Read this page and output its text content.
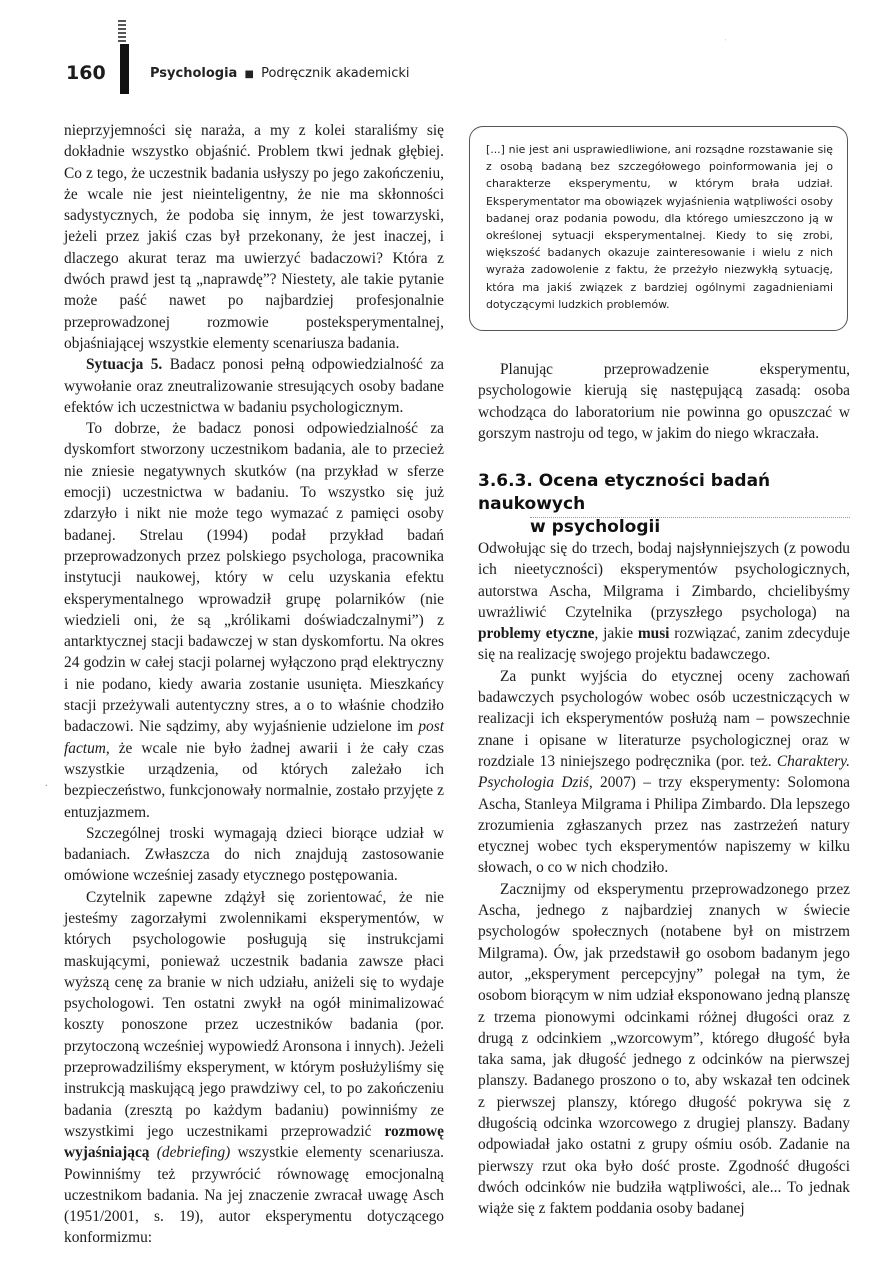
160	Psychologia ■ Podręcznik akademicki
ˈ

nieprzyjemności się naraża, a my z kolei staraliśmy się dokładnie wszystko objaśnić. Problem tkwi jednak głębiej. Co z tego, że uczestnik badania usłyszy po jego zakończeniu, że wcale nie jest nieinteligentny, że nie ma skłonności sadystycznych, że podoba się innym, że jest towarzyski, jeżeli przez jakiś czas był przekonany, że jest inaczej, i dlaczego akurat teraz ma uwierzyć badaczowi? Która z dwóch prawd jest tą „naprawdę”? Niestety, ale takie pytanie może paść nawet po najbardziej profesjonalnie przeprowadzonej rozmowie posteksperymentalnej, objaśniającej wszystkie elementy scenariusza badania.

Sytuacja 5. Badacz ponosi pełną odpowiedzialność za wywołanie oraz zneutralizowanie stresujących osoby badane efektów ich uczestnictwa w badaniu psychologicznym.

To dobrze, że badacz ponosi odpowiedzialność za dyskomfort stworzony uczestnikom badania, ale to przecież nie zniesie negatywnych skutków (na przykład w sferze emocji) uczestnictwa w badaniu. To wszystko się już zdarzyło i nikt nie może tego wymazać z pamięci osoby badanej. Strelau (1994) podał przykład badań przeprowadzonych przez polskiego psychologa, pracownika instytucji naukowej, który w celu uzyskania efektu eksperymentalnego wprowadził grupę polarników (nie wiedzieli oni, że są „królikami doświadczalnymi”) z antarktycznej stacji badawczej w stan dyskomfortu. Na okres 24 godzin w całej stacji polarnej wyłączono prąd elektryczny i nie podano, kiedy awaria zostanie usunięta. Mieszkańcy stacji przeżywali autentyczny stres, a o to właśnie chodziło badaczowi. Nie sądzimy, aby wyjaśnienie udzielone im post factum, że wcale nie było żadnej awarii i że cały czas wszystkie urządzenia, od których zależało ich bezpieczeństwo, funkcjonowały normalnie, zostało przyjęte z entuzjazmem.

Szczególnej troski wymagają dzieci biorące udział w badaniach. Zwłaszcza do nich znajdują zastosowanie omówione wcześniej zasady etycznego postępowania.

Czytelnik zapewne zdążył się zorientować, że nie jesteśmy zagorzałymi zwolennikami eksperymentów, w których psychologowie posługują się instrukcjami maskującymi, ponieważ uczestnik badania zawsze płaci wyższą cenę za branie w nich udziału, aniżeli się to wydaje psychologowi. Ten ostatni zwykł na ogół minimalizować koszty ponoszone przez uczestników badania (por. przytoczoną wcześniej wypowiedź Aronsona i innych). Jeżeli przeprowadziliśmy eksperyment, w którym posłużyliśmy się instrukcją maskującą jego prawdziwy cel, to po zakończeniu badania (zresztą po każdym badaniu) powinniśmy ze wszystkimi jego uczestnikami przeprowadzić rozmowę wyjaśniającą (debriefing) wszystkie elementy scenariusza. Powinniśmy też przywrócić równowagę emocjonalną uczestnikom badania. Na jej znaczenie zwracał uwagę Asch (1951/2001, s. 19), autor eksperymentu dotyczącego konformizmu:

.
[...] nie jest ani usprawiedliwione, ani rozsądne rozstawanie się z osobą badaną bez szczegółowego poinformowania jej o charakterze eksperymentu, w którym brała udział. Eksperymentator ma obowiązek wyjaśnienia wątpliwości osoby badanej oraz podania powodu, dla którego umieszczono ją w określonej sytuacji eksperymentalnej. Kiedy to się zrobi, większość badanych okazuje zainteresowanie i wielu z nich wyraża zadowolenie z faktu, że przeżyło niezwykłą sytuację, która ma jakiś związek z bardziej ogólnymi zagadnieniami dotyczącymi ludzkich problemów.

Planując przeprowadzenie eksperymentu, psychologowie kierują się następującą zasadą: osoba wchodząca do laboratorium nie powinna go opuszczać w gorszym nastroju od tego, w jakim do niego wkraczała.

3.6.3. Ocena etyczności badań naukowych
w psychologii

Odwołując się do trzech, bodaj najsłynniejszych (z powodu ich nieetyczności) eksperymentów psychologicznych, autorstwa Ascha, Milgrama i Zimbardo, chcielibyśmy uwrażliwić Czytelnika (przyszłego psychologa) na problemy etyczne, jakie musi rozwiązać, zanim zdecyduje się na realizację swojego projektu badawczego.

Za punkt wyjścia do etycznej oceny zachowań badawczych psychologów wobec osób uczestniczących w realizacji ich eksperymentów posłużą nam – powszechnie znane i opisane w literaturze psychologicznej oraz w rozdziale 13 niniejszego podręcznika (por. też. Charaktery. Psychologia Dziś, 2007) – trzy eksperymenty: Solomona Ascha, Stanleya Milgrama i Philipa Zimbardo. Dla lepszego zrozumienia zgłaszanych przez nas zastrzeżeń natury etycznej wobec tych eksperymentów napiszemy w kilku słowach, o co w nich chodziło.

Zacznijmy od eksperymentu przeprowadzonego przez Ascha, jednego z najbardziej znanych w świecie psychologów społecznych (notabene był on mistrzem Milgrama). Ów, jak przedstawił go osobom badanym jego autor, „eksperyment percepcyjny” polegał na tym, że osobom biorącym w nim udział eksponowano jedną planszę z trzema pionowymi odcinkami różnej długości oraz z drugą z odcinkiem „wzorcowym”, którego długość była taka sama, jak długość jednego z odcinków na pierwszej planszy. Badanego proszono o to, aby wskazał ten odcinek z pierwszej planszy, którego długość pokrywa się z długością odcinka wzorcowego z drugiej planszy. Badany odpowiadał jako ostatni z grupy ośmiu osób. Zadanie na pierwszy rzut oka było dość proste. Zgodność długości dwóch odcinków nie budziła wątpliwości, ale... To jednak wiąże się z faktem poddania osoby badanej
